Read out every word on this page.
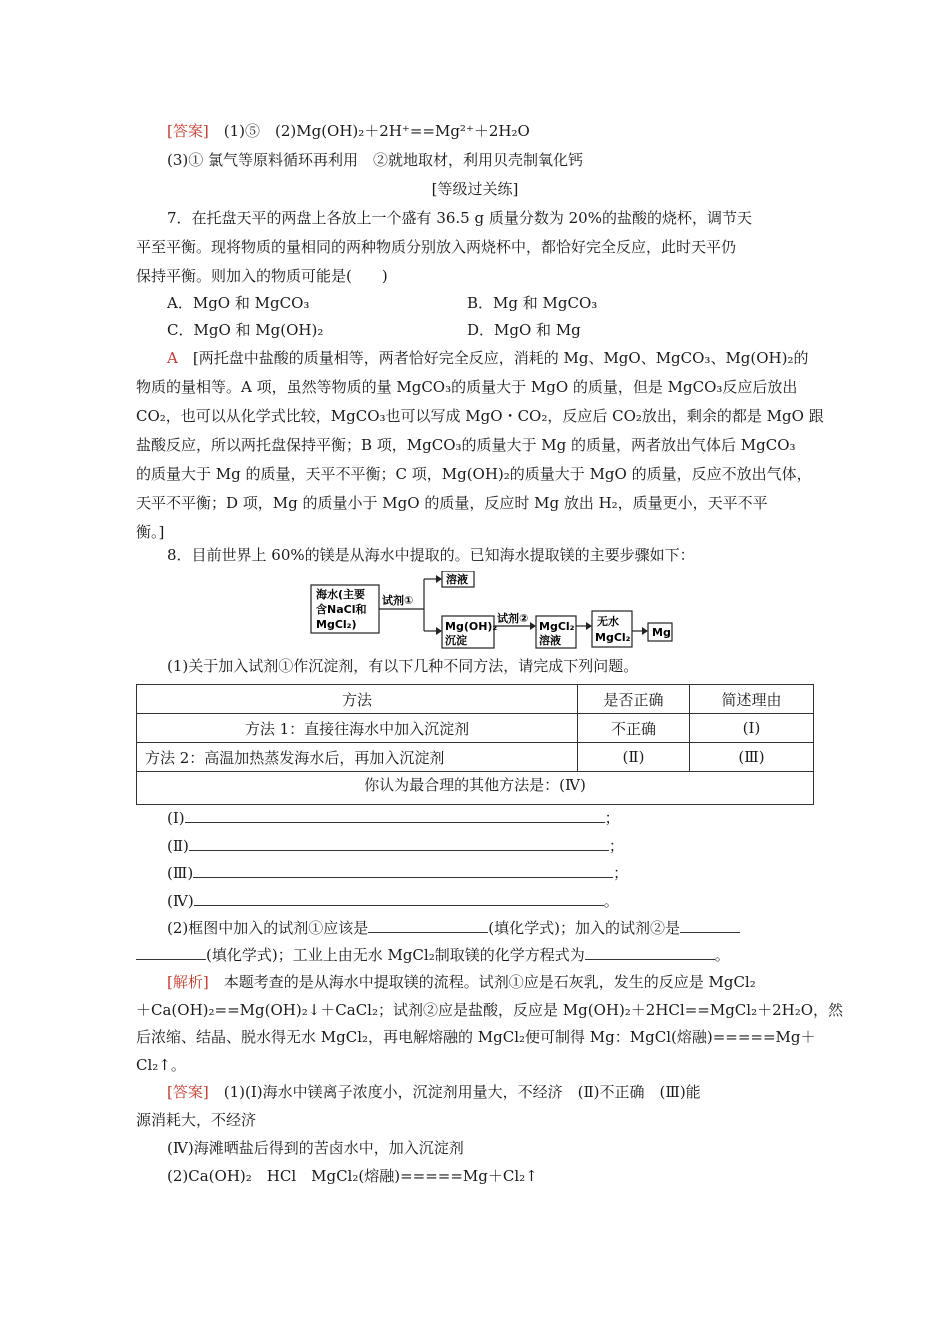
[答案]　 (1)⑤　(2)Mg(OH)₂＋2H⁺==Mg²⁺＋2H₂O
(3)① 氯气等原料循环再利用　②就地取材，利用贝壳制氧化钙
[等级过关练]
7．在托盘天平的两盘上各放上一个盛有 36.5 g 质量分数为 20%的盐酸的烧杯，调节天
平至平衡。现将物质的量相同的两种物质分别放入两烧杯中，都恰好完全反应，此时天平仍
保持平衡。则加入的物质可能是(　　)
A．MgO 和 MgCO₃	B．Mg 和 MgCO₃
C．MgO 和 Mg(OH)₂	D．MgO 和 Mg
A　 [两托盘中盐酸的质量相等，两者恰好完全反应，消耗的 Mg、MgO、MgCO₃、Mg(OH)₂的
物质的量相等。A 项，虽然等物质的量 MgCO₃的质量大于 MgO 的质量，但是 MgCO₃反应后放出
CO₂，也可以从化学式比较，MgCO₃也可以写成 MgO・CO₂，反应后 CO₂放出，剩余的都是 MgO 跟
盐酸反应，所以两托盘保持平衡；B 项，MgCO₃的质量大于 Mg 的质量，两者放出气体后 MgCO₃
的质量大于 Mg 的质量，天平不平衡；C 项，Mg(OH)₂的质量大于 MgO 的质量，反应不放出气体，
天平不平衡；D 项，Mg 的质量小于 MgO 的质量，反应时 Mg 放出 H₂，质量更小，天平不平
衡。]
8．目前世界上 60%的镁是从海水中提取的。已知海水提取镁的主要步骤如下：
海水(主要
含NaCl和
MgCl₂)
试剂①
溶液
Mg(OH)₂
沉淀
试剂②
MgCl₂
溶液
无水
MgCl₂ Mg
(1)关于加入试剂①作沉淀剂，有以下几种不同方法，请完成下列问题。
方法	是否正确	简述理由
方法 1：直接往海水中加入沉淀剂	不正确	(Ⅰ)
方法 2：高温加热蒸发海水后，再加入沉淀剂	(Ⅱ)	(Ⅲ)
你认为最合理的其他方法是：(Ⅳ)		
(Ⅰ)	；
(Ⅱ)	；
(Ⅲ)	；
(Ⅳ)	。
(2)框图中加入的试剂①应该是	(填化学式)；加入的试剂②是
(填化学式)；工业上由无水 MgCl₂制取镁的化学方程式为	。
[解析]　本题考查的是从海水中提取镁的流程。试剂①应是石灰乳，发生的反应是 MgCl₂
＋Ca(OH)₂==Mg(OH)₂↓＋CaCl₂；试剂②应是盐酸，反应是 Mg(OH)₂＋2HCl==MgCl₂＋2H₂O，然
后浓缩、结晶、脱水得无水 MgCl₂，再电解熔融的 MgCl₂便可制得 Mg：MgCl(熔融)=====Mg＋
Cl₂↑。
[答案]　(1)(Ⅰ)海水中镁离子浓度小，沉淀剂用量大，不经济　(Ⅱ)不正确　(Ⅲ)能
源消耗大，不经济
(Ⅳ)海滩晒盐后得到的苦卤水中，加入沉淀剂
(2)Ca(OH)₂　HCl　MgCl₂(熔融)=====Mg＋Cl₂↑
